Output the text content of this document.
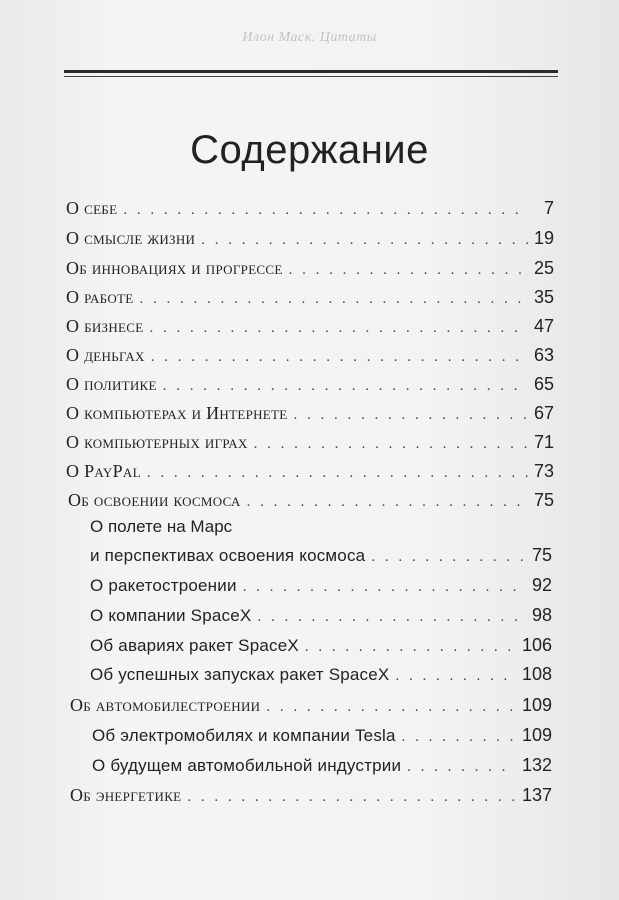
Илон Маск. Цитаты
Содержание
О себе . . .	7
О смысле жизни . . .	19
Об инновациях и прогрессе . . .	25
О работе . . .	35
О бизнесе . . .	47
О деньгах . . .	63
О политике . . .	65
О компьютерах и Интернете . . .	67
О компьютерных играх . . .	71
О PayPal . . .	73
Об освоении космоса . . .	75
О полете на Марс
и перспективах освоения космоса . . .	75
О ракетостроении . . .	92
О компании SpaceX . . .	98
Об авариях ракет SpaceX . . .	106
Об успешных запусках ракет SpaceX . . .	108
Об автомобилестроении . . .	109
Об электромобилях и компании Tesla . . .	109
О будущем автомобильной индустрии . . .	132
Об энергетике . . .	137
